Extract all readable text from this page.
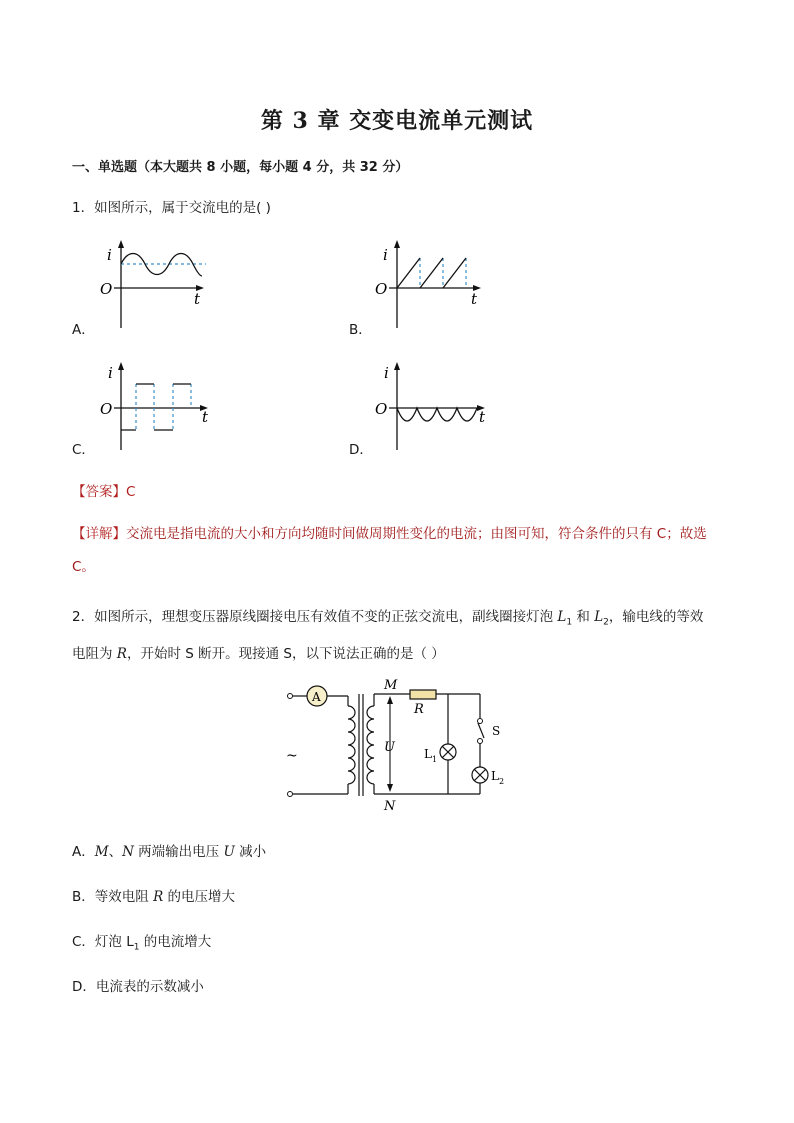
第 3 章 交变电流单元测试
一、单选题（本大题共 8 小题，每小题 4 分，共 32 分）
1．如图所示，属于交流电的是( )
i
O
t
A．
i
O
t
B．
i
O	t
C．
i
O	t
D．
【答案】C
【详解】交流电是指电流的大小和方向均随时间做周期性变化的电流；由图可知，符合条件的只有 C；故选 C。
2．如图所示，理想变压器原线圈接电压有效值不变的正弦交流电，副线圈接灯泡 $L_1$ 和 $L_2$，输电线的等效
电阻为 R，开始时 S 断开。现接通 S，以下说法正确的是（ ）
A
~
M
N
R
U L 1
S
L 2
A．M、N 两端输出电压 U 减小
B．等效电阻 R 的电压增大
C．灯泡 $L_1$ 的电流增大
D．电流表的示数减小
